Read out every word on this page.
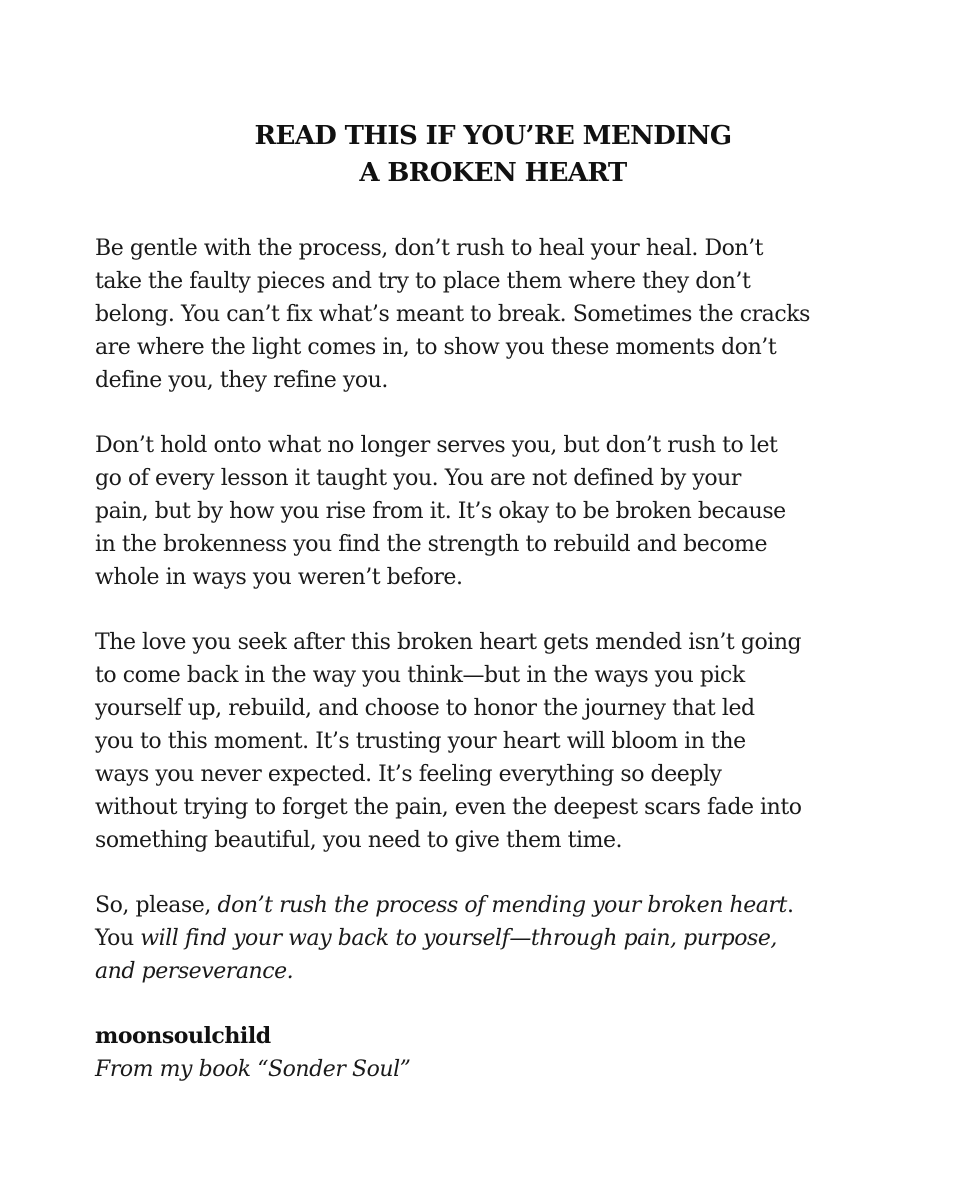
READ THIS IF YOU’RE MENDING
A BROKEN HEART

Be gentle with the process, don’t rush to heal your heal. Don’t
take the faulty pieces and try to place them where they don’t
belong. You can’t fix what’s meant to break. Sometimes the cracks
are where the light comes in, to show you these moments don’t
define you, they refine you.

Don’t hold onto what no longer serves you, but don’t rush to let
go of every lesson it taught you. You are not defined by your
pain, but by how you rise from it. It’s okay to be broken because
in the brokenness you find the strength to rebuild and become
whole in ways you weren’t before.

The love you seek after this broken heart gets mended isn’t going
to come back in the way you think—but in the ways you pick
yourself up, rebuild, and choose to honor the journey that led
you to this moment. It’s trusting your heart will bloom in the
ways you never expected. It’s feeling everything so deeply
without trying to forget the pain, even the deepest scars fade into
something beautiful, you need to give them time.

So, please, don’t rush the process of mending your broken heart.
You will find your way back to yourself—through pain, purpose,
and perseverance.

moonsoulchild
From my book “Sonder Soul”
